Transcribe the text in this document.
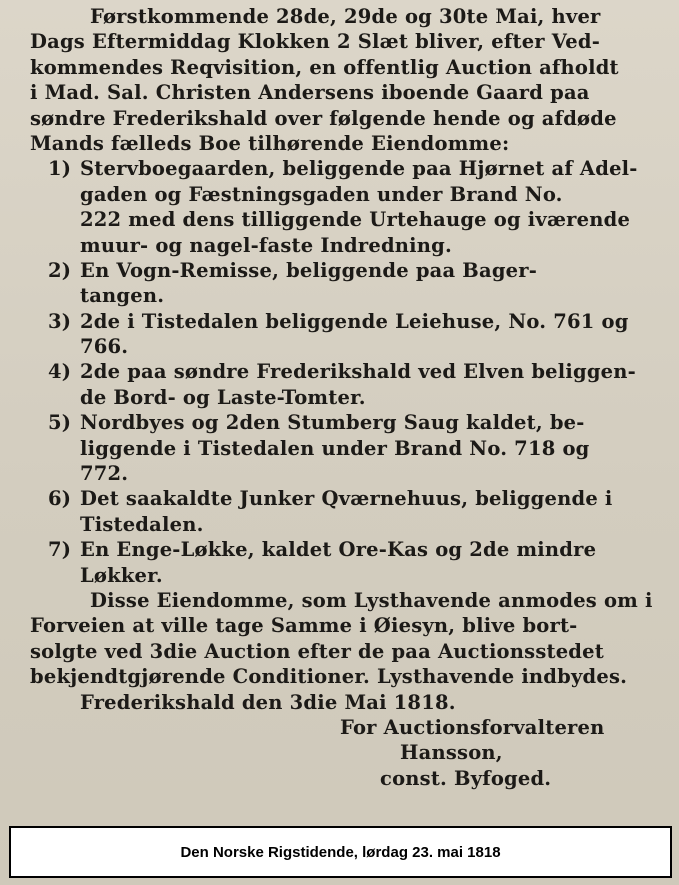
Førstkommende 28de, 29de og 30te Mai, hver
Dags Eftermiddag Klokken 2 Slæt bliver, efter Ved-
kommendes Reqvisition, en offentlig Auction afholdt
i Mad. Sal. Christen Andersens iboende Gaard paa
søndre Frederikshald over følgende hende og afdøde
Mands fælleds Boe tilhørende Eiendomme:
1) Stervboegaarden, beliggende paa Hjørnet af Adel-
gaden og Fæstningsgaden under Brand No.
222 med dens tilliggende Urtehauge og iværende
muur- og nagel-faste Indredning.
2) En Vogn-Remisse, beliggende paa Bager-
tangen.
3) 2de i Tistedalen beliggende Leiehuse, No. 761 og
766.
4) 2de paa søndre Frederikshald ved Elven beliggen-
de Bord- og Laste-Tomter.
5) Nordbyes og 2den Stumberg Saug kaldet, be-
liggende i Tistedalen under Brand No. 718 og
772.
6) Det saakaldte Junker Qværnehuus, beliggende i
Tistedalen.
7) En Enge-Løkke, kaldet Ore-Kas og 2de mindre
Løkker.
Disse Eiendomme, som Lysthavende anmodes om i
Forveien at ville tage Samme i Øiesyn, blive bort-
solgte ved 3die Auction efter de paa Auctionsstedet
bekjendtgjørende Conditioner. Lysthavende indbydes.
Frederikshald den 3die Mai 1818.
For Auctionsforvalteren
Hansson,
const. Byfoged.
Den Norske Rigstidende, lørdag 23. mai 1818
